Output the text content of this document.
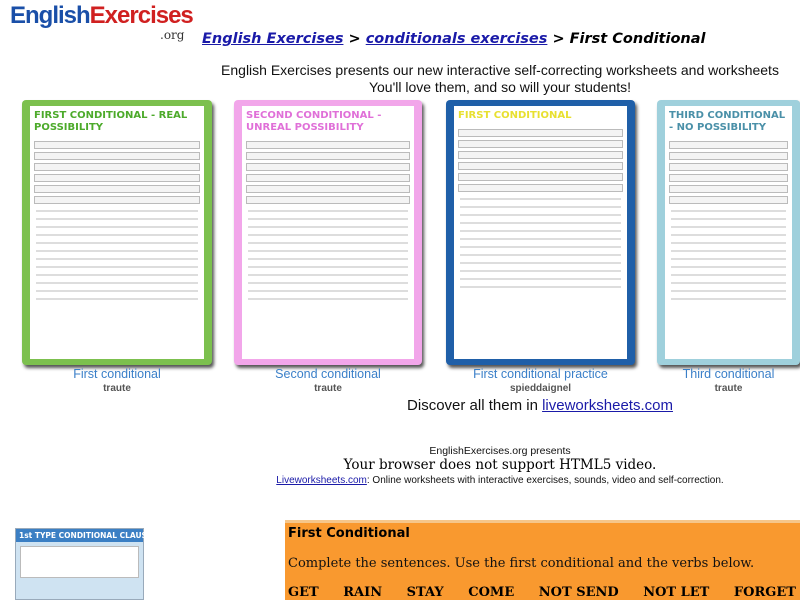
EnglishExercises
.org English Exercises > conditionals exercises > First Conditional
English Exercises presents our new interactive self-correcting worksheets and worksheets
You'll love them, and so will your students!
FIRST CONDITIONAL - REAL POSSIBILITY
First conditional
traute
SECOND CONDITIONAL - UNREAL POSSIBILITY
Second conditional
traute
FIRST CONDITIONAL
First conditional practice
spieddaignel
THIRD CONDITIONAL - NO POSSIBILITY
Third conditional
traute
Discover all them in liveworksheets.com
EnglishExercises.org presents
Your browser does not support HTML5 video.
Liveworksheets.com: Online worksheets with interactive exercises, sounds, video and self-correction.
1st TYPE CONDITIONAL CLAUSES	First Conditional
Complete the sentences. Use the first conditional and the verbs below.
GET RAIN STAY COME NOT SEND NOT LET FORGET
